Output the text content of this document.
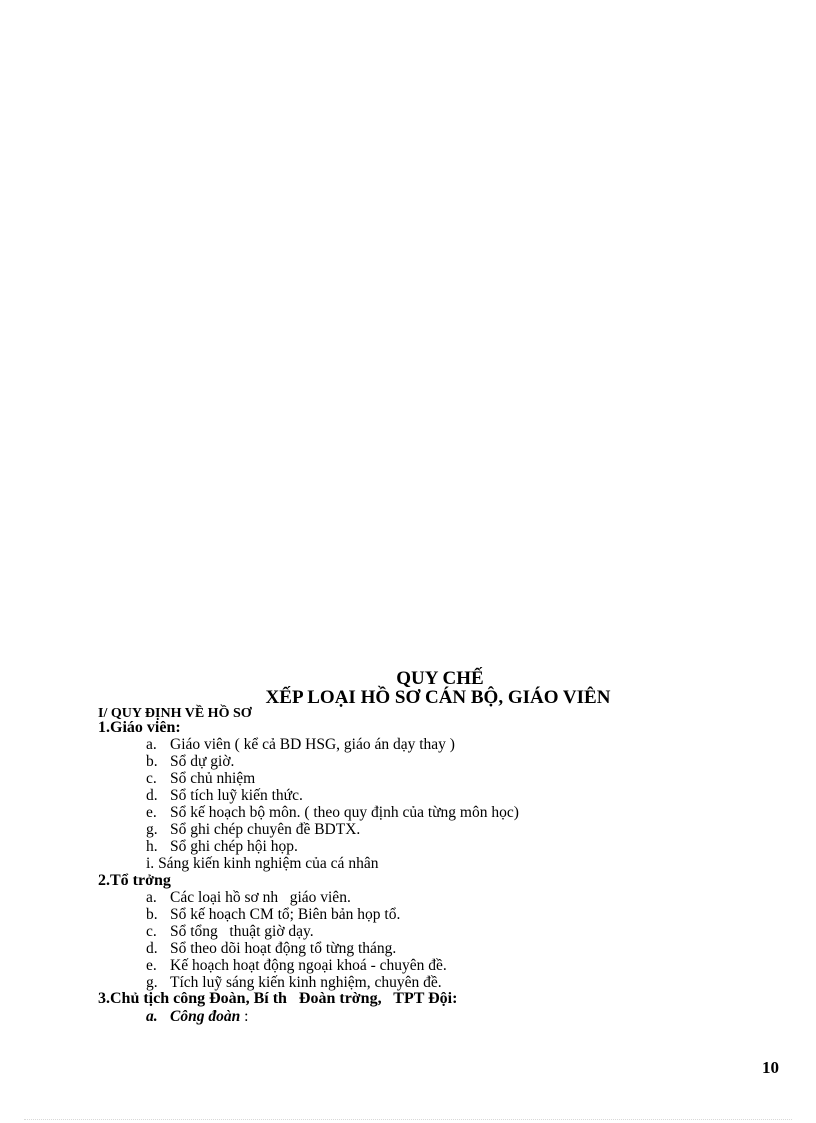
QUY CHẾ
XẾP LOẠI HỒ SƠ CÁN BỘ, GIÁO VIÊN
I/ QUY ĐỊNH VỀ HỒ SƠ
1.Giáo viên:
a. Giáo viên ( kể cả BD HSG, giáo án dạy thay )
b. Sổ dự giờ.
c. Sổ chủ nhiệm
d. Sổ tích luỹ kiến thức.
e. Sổ kế hoạch bộ môn. ( theo quy định của từng môn học)
g. Sổ ghi chép chuyên đề BDTX.
h. Sổ ghi chép hội họp.
i. Sáng kiến kinh nghiệm của cá nhân
2.Tổ trởng
a. Các loại hồ sơ nh   giáo viên.
b. Sổ kế hoạch CM tổ; Biên bản họp tổ.
c. Sổ tổng   thuật giờ dạy.
d. Sổ theo dõi hoạt động tổ từng tháng.
e. Kế hoạch hoạt động ngoại khoá - chuyên đề.
g. Tích luỹ sáng kiến kinh nghiệm, chuyên đề.
3.Chủ tịch công Đoàn, Bí th   Đoàn trờng,   TPT Đội:
a. Công đoàn :
10
